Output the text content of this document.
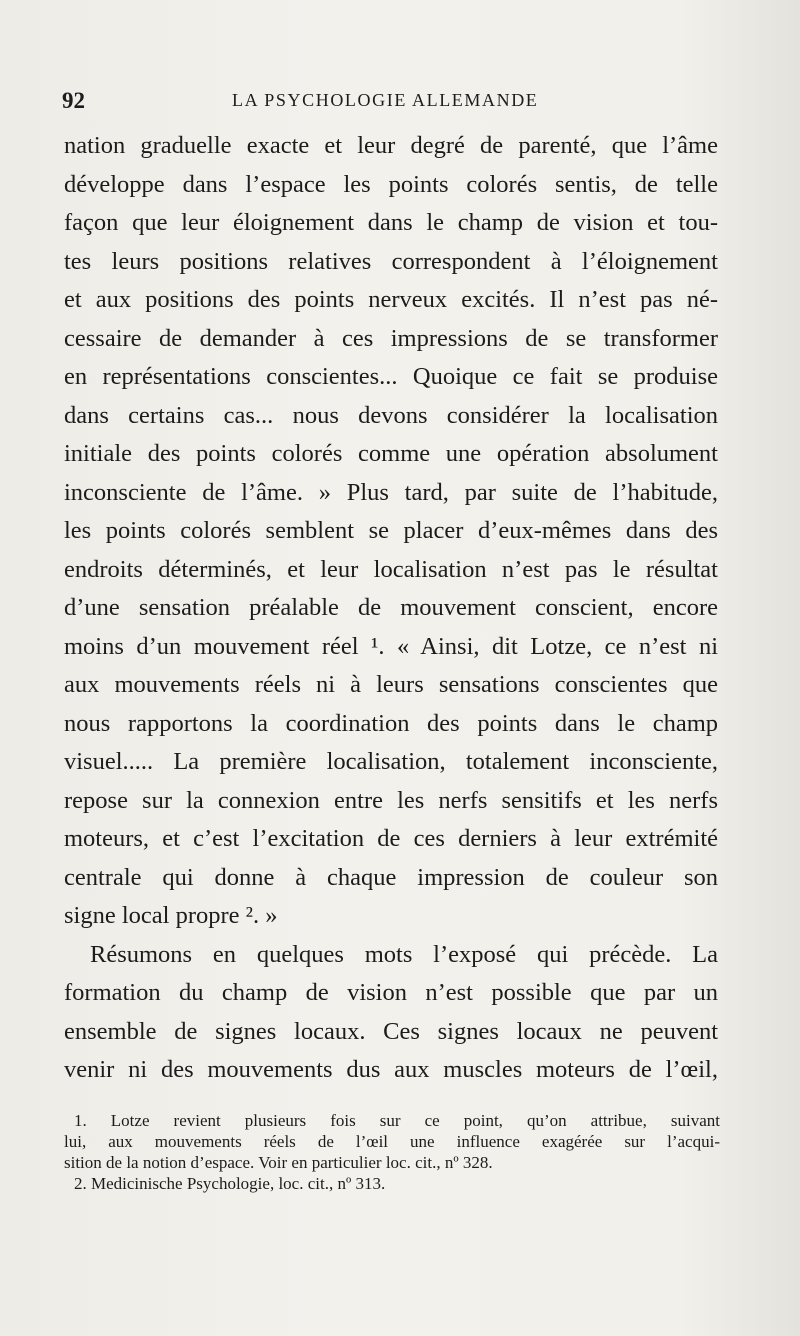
92	LA PSYCHOLOGIE ALLEMANDE
nation graduelle exacte et leur degré de parenté, que l’âme
développe dans l’espace les points colorés sentis, de telle
façon que leur éloignement dans le champ de vision et tou-
tes leurs positions relatives correspondent à l’éloignement
et aux positions des points nerveux excités. Il n’est pas né-
cessaire de demander à ces impressions de se transformer
en représentations conscientes... Quoique ce fait se produise
dans certains cas... nous devons considérer la localisation
initiale des points colorés comme une opération absolument
inconsciente de l’âme. » Plus tard, par suite de l’habitude,
les points colorés semblent se placer d’eux-mêmes dans des
endroits déterminés, et leur localisation n’est pas le résultat
d’une sensation préalable de mouvement conscient, encore
moins d’un mouvement réel ¹. « Ainsi, dit Lotze, ce n’est ni
aux mouvements réels ni à leurs sensations conscientes que
nous rapportons la coordination des points dans le champ
visuel..... La première localisation, totalement inconsciente,
repose sur la connexion entre les nerfs sensitifs et les nerfs
moteurs, et c’est l’excitation de ces derniers à leur extrémité
centrale qui donne à chaque impression de couleur son
signe local propre ². »
Résumons en quelques mots l’exposé qui précède. La
formation du champ de vision n’est possible que par un
ensemble de signes locaux. Ces signes locaux ne peuvent
venir ni des mouvements dus aux muscles moteurs de l’œil,
1. Lotze revient plusieurs fois sur ce point, qu’on attribue, suivant
lui, aux mouvements réels de l’œil une influence exagérée sur l’acqui-
sition de la notion d’espace. Voir en particulier loc. cit., nº 328.
2. Medicinische Psychologie, loc. cit., nº 313.
